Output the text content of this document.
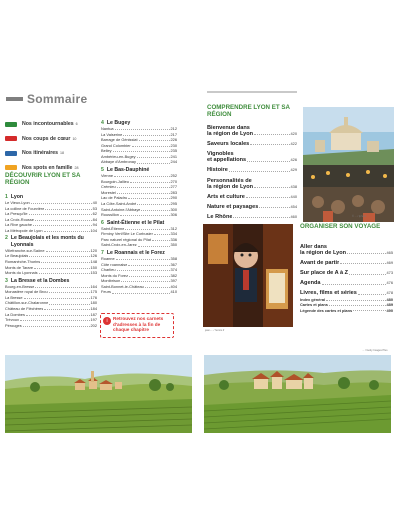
Sommaire
Nos incontournables 6
Nos coups de cœur 10
Nos itinéraires 18
Nos spots en famille 28
DÉCOUVRIR LYON ET SA RÉGION
1 Lyon
Le Vieux-Lyon	40
La colline de Fourvière	53
La Presqu'île	62
La Croix-Rousse	84
La Rive gauche	94
La Métropole de Lyon	104
2 Le Beaujolais et les monts du Lyonnais
Villefranche-sur-Saône	120
Le Beaujolais	126
Romanèche-Thorins	148
Monts de Tarare	150
Monts du Lyonnais	153
3 La Bresse et la Dombes
Bourg-en-Bresse	164
Monastère royal de Brou	175
La Bresse	176
Châtillon-sur-Chalaronne	180
Château de Fléchères	184
La Dombes	187
Trévoux	197
Pérouges	202
4 Le Bugey
Nantua	212
La Valserine	217
Barrage de Génissiat	226
Grand Colombier	230
Belley	235
Ambérieu-en-Bugey	241
Abbaye d'Ambronay	244
5 Le Bas-Dauphiné
Vienne	252
Bourgoin-Jallieu	270
Crémieu	277
Morestel	283
Lac de Paladru	290
La Côte-Saint-André	295
Saint-Antoine-l'Abbaye	300
Roussillon	306
6 Saint-Étienne et le Pilat
Saint-Étienne	312
Firminy Vert/Site Le Corbusier	334
Parc naturel régional du Pilat	336
Saint-Croix-en-Jarez	350
7 Le Roannais et le Forez
Roanne	358
Côte roannaise	367
Charlieu	374
Monts du Forez	382
Montbrison	397
Saint-Bonnet-le-Château	404
Feurs	410
i	Retrouvez nos carnets d'adresses à la fin de chaque chapitre
COMPRENDRE LYON ET SA RÉGION
Bienvenue dans
la région de Lyon	420
Saveurs locales	422
Vignobles
et appellations	426
Histoire	429
Personnalités de
la région de Lyon	438
Arts et culture	440
Nature et paysages	454
Le Rhône	460	© ... / Iphoto
jean-... / hemis.fr
ORGANISER SON VOYAGE
Aller dans
la région de Lyon	465
Avant de partir	469
Sur place de A à Z	473
Agenda	476
Livres, films et séries	478
Index général	480
Cartes et plans	489
Légende des cartes et plans	490
... / Getty Images Plus
